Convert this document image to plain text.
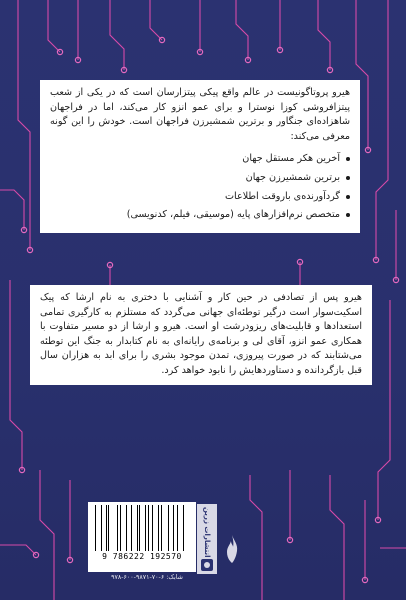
هیرو پروتاگونیست در عالم واقع پیکی پیتزارسان است که در یکی از شعب پیتزافروشی کوزا نوسترا و برای عمو انزو کار می‌کند، اما در فراجهان شاهزاده‌ای جنگاور و برترین شمشیرزن فراجهان است. خودش را این گونه معرفی می‌کند:

آخرین هکر مستقل جهان
برترین شمشیرزن جهان
گردآورنده‌ی باروقت اطلاعات
متخصص نرم‌افزارهای پایه (موسیقی، فیلم، کدنویسی)

هیرو پس از تصادفی در حین کار و آشنایی با دختری به نام ارشا که پیک اسکیت‌سوار است درگیر توطئه‌ای جهانی می‌گردد که مستلزم به کارگیری تمامی استعدادها و قابلیت‌های ریزودرشت او است. هیرو و ارشا از دو مسیر متفاوت با همکاری عمو انزو، آقای لی و برنامه‌ی رایانه‌ای به نام کتابدار به جنگ این توطئه می‌شتابند که در صورت پیروزی، تمدن موجود بشری را برای ابد به هزاران سال قبل بازگردانده و دستاوردهایش را نابود خواهد کرد.

9 786222 192570	انتشارات زرین
شابک: ۶-۷۰-۹۸۷۱-۶۰۰-۹۷۸
